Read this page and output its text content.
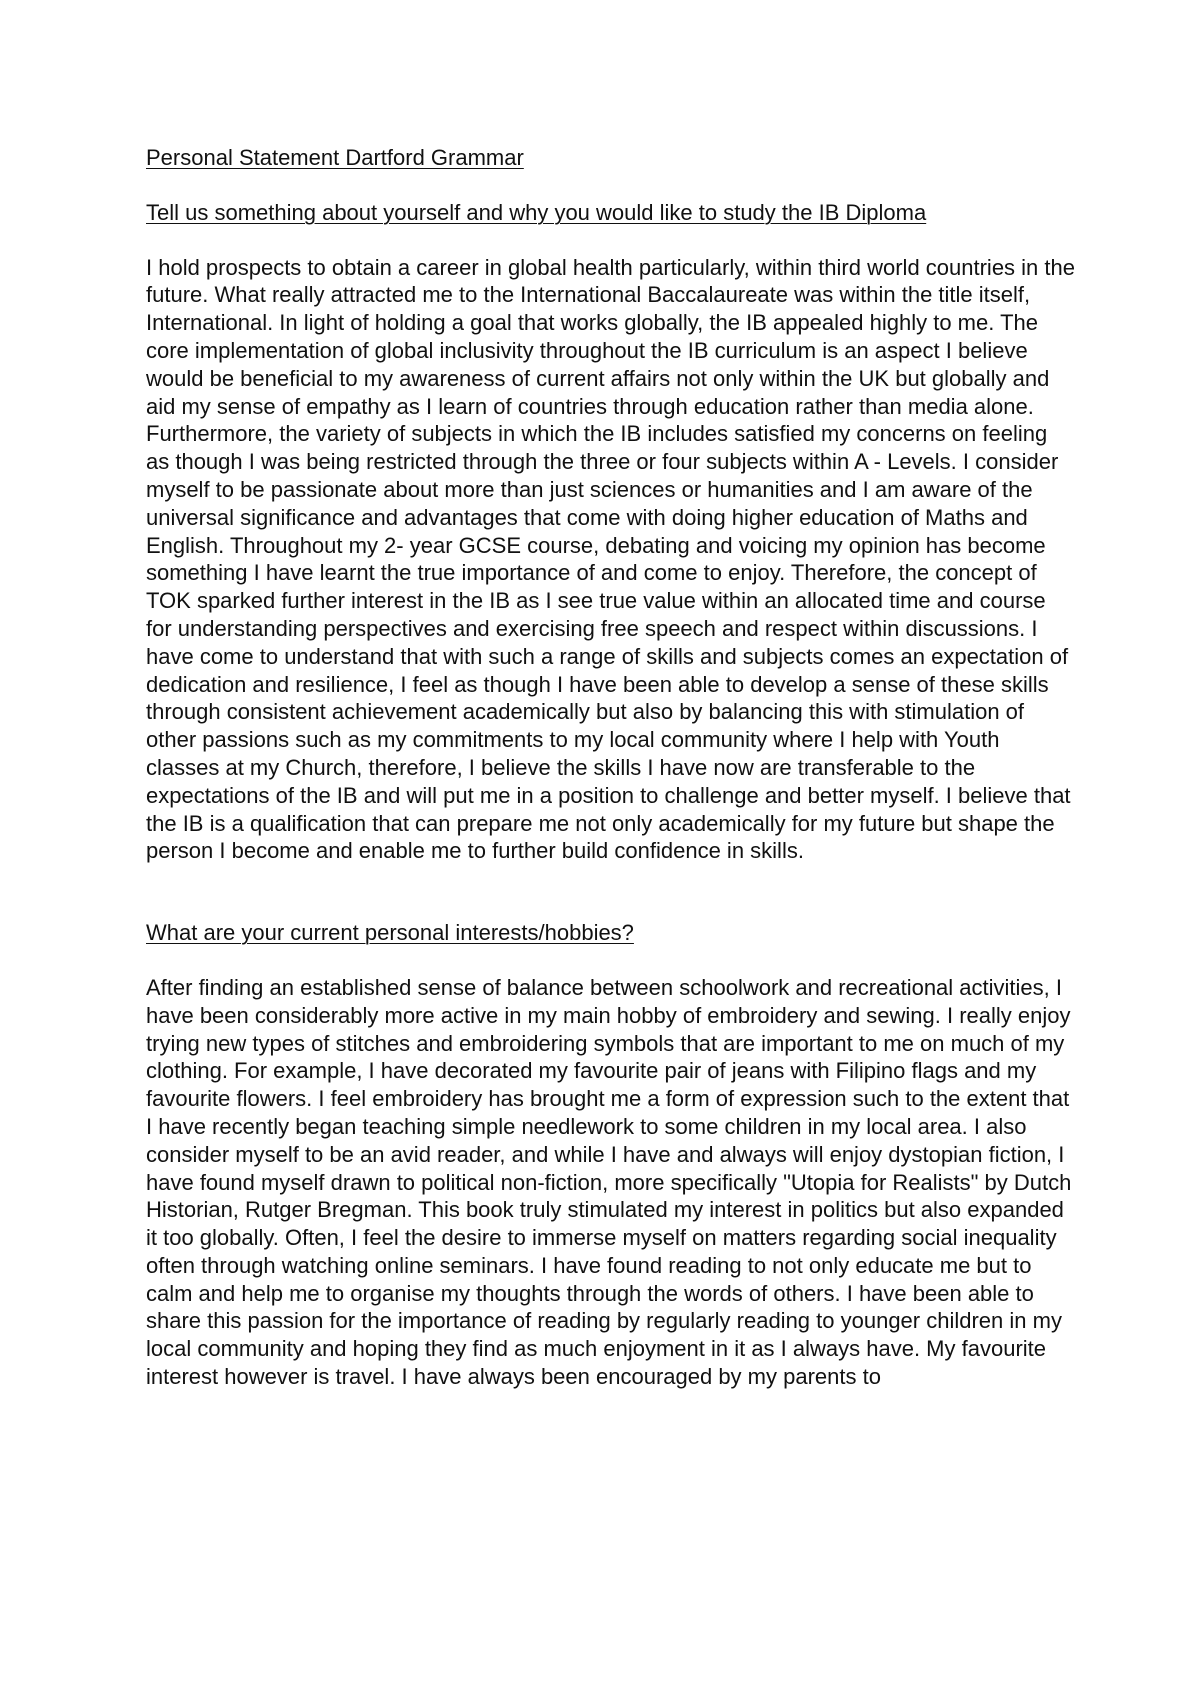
Personal Statement Dartford Grammar
Tell us something about yourself and why you would like to study the IB Diploma

I hold prospects to obtain a career in global health particularly, within third world countries in the future. What really attracted me to the International Baccalaureate was within the title itself, International. In light of holding a goal that works globally, the IB appealed highly to me. The core implementation of global inclusivity throughout the IB curriculum is an aspect I believe would be beneficial to my awareness of current affairs not only within the UK but globally and aid my sense of empathy as I learn of countries through education rather than media alone. Furthermore, the variety of subjects in which the IB includes satisfied my concerns on feeling as though I was being restricted through the three or four subjects within A - Levels. I consider myself to be passionate about more than just sciences or humanities and I am aware of the universal significance and advantages that come with doing higher education of Maths and English. Throughout my 2- year GCSE course, debating and voicing my opinion has become something I have learnt the true importance of and come to enjoy. Therefore, the concept of TOK sparked further interest in the IB as I see true value within an allocated time and course for understanding perspectives and exercising free speech and respect within discussions. I have come to understand that with such a range of skills and subjects comes an expectation of dedication and resilience, I feel as though I have been able to develop a sense of these skills through consistent achievement academically but also by balancing this with stimulation of other passions such as my commitments to my local community where I help with Youth classes at my Church, therefore, I believe the skills I have now are transferable to the expectations of the IB and will put me in a position to challenge and better myself. I believe that the IB is a qualification that can prepare me not only academically for my future but shape the person I become and enable me to further build confidence in skills.

What are your current personal interests/hobbies?

After finding an established sense of balance between schoolwork and recreational activities, I have been considerably more active in my main hobby of embroidery and sewing. I really enjoy trying new types of stitches and embroidering symbols that are important to me on much of my clothing. For example, I have decorated my favourite pair of jeans with Filipino flags and my favourite flowers. I feel embroidery has brought me a form of expression such to the extent that I have recently began teaching simple needlework to some children in my local area. I also consider myself to be an avid reader, and while I have and always will enjoy dystopian fiction, I have found myself drawn to political non-fiction, more specifically "Utopia for Realists" by Dutch Historian, Rutger Bregman. This book truly stimulated my interest in politics but also expanded it too globally. Often, I feel the desire to immerse myself on matters regarding social inequality often through watching online seminars. I have found reading to not only educate me but to calm and help me to organise my thoughts through the words of others. I have been able to share this passion for the importance of reading by regularly reading to younger children in my local community and hoping they find as much enjoyment in it as I always have. My favourite interest however is travel. I have always been encouraged by my parents to
